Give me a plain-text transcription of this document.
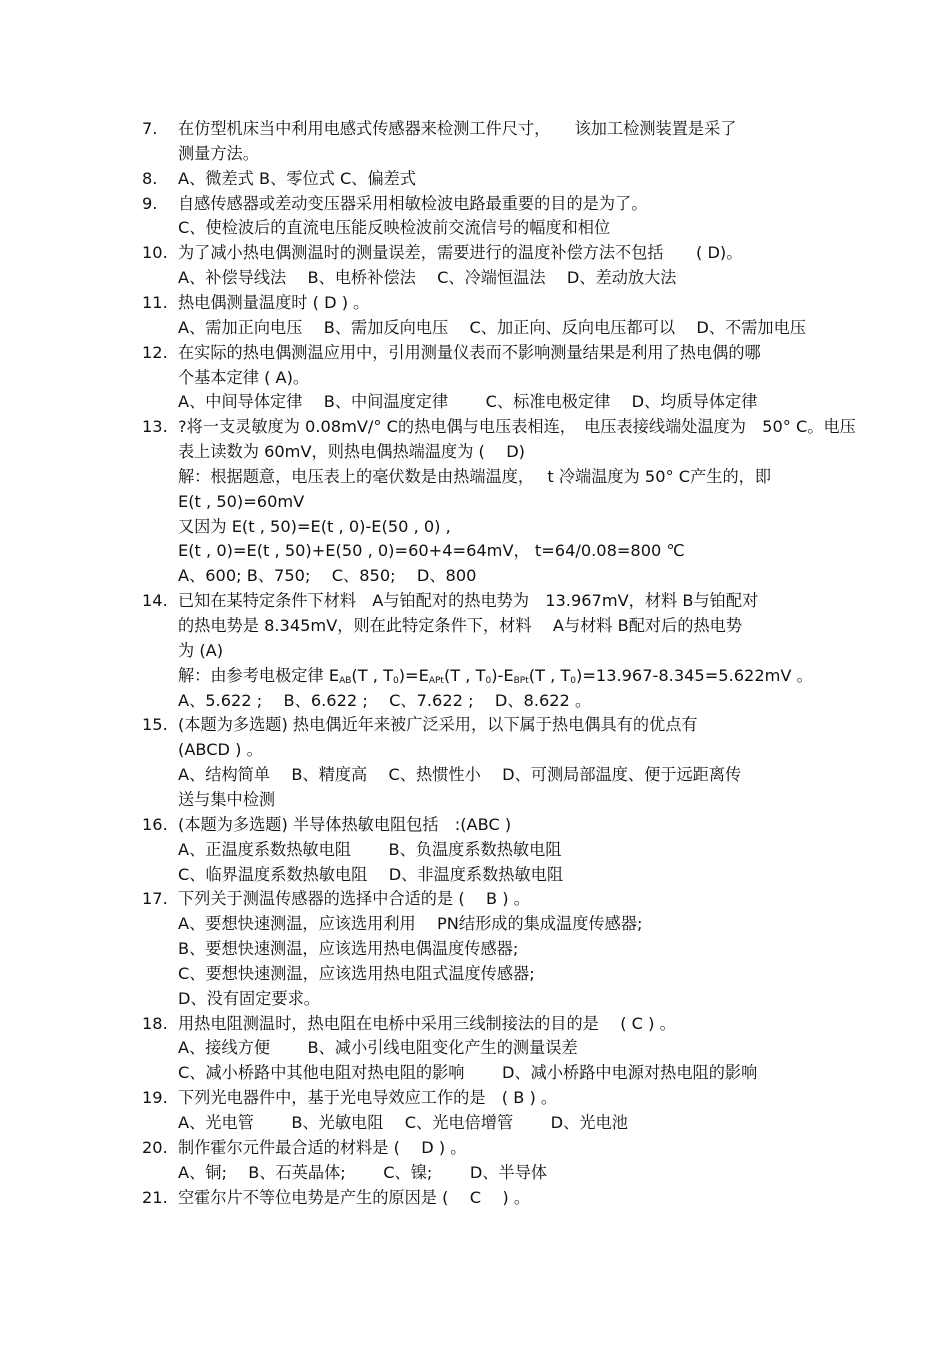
7. 在仿型机床当中利用电感式传感器来检测工件尺寸，　　该加工检测装置是采了
测量方法。
8. A、微差式 B、零位式 C、偏差式
9. 自感传感器或差动变压器采用相敏检波电路最重要的目的是为了。
C、使检波后的直流电压能反映检波前交流信号的幅度和相位
10. 为了减小热电偶测温时的测量误差，需要进行的温度补偿方法不包括　　( D)。
A、补偿导线法　 B、电桥补偿法　 C、冷端恒温法　 D、差动放大法
11. 热电偶测量温度时 ( D ) 。
A、需加正向电压　 B、需加反向电压　 C、加正向、反向电压都可以　 D、不需加电压
12. 在实际的热电偶测温应用中，引用测量仪表而不影响测量结果是利用了热电偶的哪
个基本定律 ( A)。
A、中间导体定律　 B、中间温度定律　　 C、标准电极定律　 D、均质导体定律
13. ?将一支灵敏度为 0.08mV/° C的热电偶与电压表相连，　电压表接线端处温度为　50° C。电压
表上读数为 60mV，则热电偶热端温度为 (　 D)
解：根据题意，电压表上的毫伏数是由热端温度，　 t 冷端温度为 50° C产生的，即
E(t , 50)=60mV
又因为 E(t , 50)=E(t , 0)-E(50 , 0) ,
E(t , 0)=E(t , 50)+E(50 , 0)=60+4=64mV， t=64/0.08=800 ℃
A、600; B、750;　 C、850;　 D、800
14. 已知在某特定条件下材料　A与铂配对的热电势为　13.967mV，材料 B与铂配对
的热电势是 8.345mV，则在此特定条件下，材料　 A与材料 B配对后的热电势
为 (A)
解：由参考电极定律 $E_{AB}(T$ , $T_0)=E_{APt}(T$ , $T_0)-E_{BPt}(T$ , $T_0)=13.967-8.345=5.622mV$ 。
A、5.622 ;　 B、6.622 ;　 C、7.622 ;　 D、8.622 。
15. (本题为多选题) 热电偶近年来被广泛采用，以下属于热电偶具有的优点有
(ABCD ) 。
A、结构简单　 B、精度高　 C、热惯性小　 D、可测局部温度、便于远距离传
送与集中检测
16. (本题为多选题) 半导体热敏电阻包括　:(ABC )
A、正温度系数热敏电阻　　 B、负温度系数热敏电阻
C、临界温度系数热敏电阻　 D、非温度系数热敏电阻
17. 下列关于测温传感器的选择中合适的是 (　 B ) 。
A、要想快速测温，应该选用利用　 PN结形成的集成温度传感器;
B、要想快速测温，应该选用热电偶温度传感器;
C、要想快速测温，应该选用热电阻式温度传感器;
D、没有固定要求。
18. 用热电阻测温时，热电阻在电桥中采用三线制接法的目的是　 ( C ) 。
A、接线方便　　 B、减小引线电阻变化产生的测量误差
C、减小桥路中其他电阻对热电阻的影响　　 D、减小桥路中电源对热电阻的影响
19. 下列光电器件中，基于光电导效应工作的是　( B ) 。
A、光电管　　 B、光敏电阻　 C、光电倍增管　　 D、光电池
20. 制作霍尔元件最合适的材料是 (　 D ) 。
A、铜;　 B、石英晶体;　　 C、镍;　　 D、半导体
21. 空霍尔片不等位电势是产生的原因是 (　 C　 ) 。
